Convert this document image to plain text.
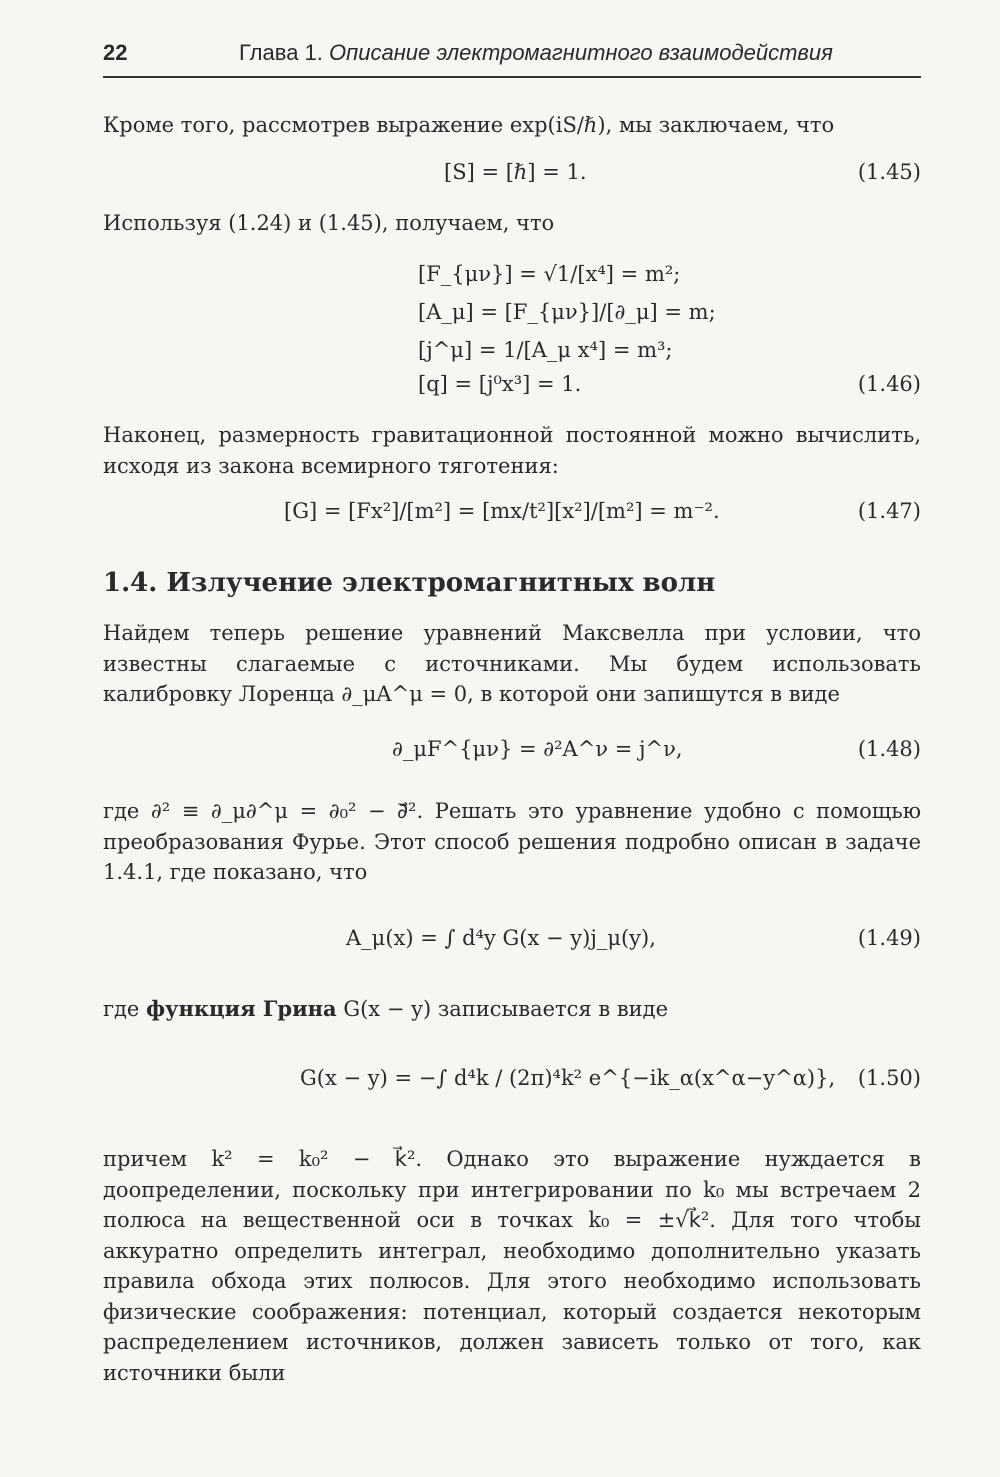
22	Глава 1. Описание электромагнитного взаимодействия
Кроме того, рассмотрев выражение exp(iS/ℏ), мы заключаем, что
[S] = [ℏ] = 1.	(1.45)
Используя (1.24) и (1.45), получаем, что
[F_{μν}] = √1/[x⁴] = m²;
[A_μ] = [F_{μν}]/[∂_μ] = m;
[j^μ] = 1/[A_μ x⁴] = m³;
[q] = [j⁰x³] = 1.	(1.46)
Наконец, размерность гравитационной постоянной можно вычислить, исходя из закона всемирного тяготения:
[G] = [Fx²]/[m²] = [mx/t²][x²]/[m²] = m⁻².	(1.47)
1.4. Излучение электромагнитных волн
Найдем теперь решение уравнений Максвелла при условии, что известны слагаемые с источниками. Мы будем использовать калибровку Лоренца ∂_μA^μ = 0, в которой они запишутся в виде
∂_μF^{μν} = ∂²A^ν = j^ν,	(1.48)
где ∂² ≡ ∂_μ∂^μ = ∂₀² − ∂⃗². Решать это уравнение удобно с помощью преобразования Фурье. Этот способ решения подробно описан в задаче 1.4.1, где показано, что
A_μ(x) = ∫ d⁴y G(x − y)j_μ(y),	(1.49)
где функция Грина G(x − y) записывается в виде
G(x − y) = −∫ d⁴k / (2π)⁴k² e^{−ik_α(x^α−y^α)}, (1.50)
причем k² = k₀² − k⃗². Однако это выражение нуждается в доопределении, поскольку при интегрировании по k₀ мы встречаем 2 полюса на вещественной оси в точках k₀ = ±√k⃗². Для того чтобы аккуратно определить интеграл, необходимо дополнительно указать правила обхода этих полюсов. Для этого необходимо использовать физические соображения: потенциал, который создается некоторым распределением источников, должен зависеть только от того, как источники были
